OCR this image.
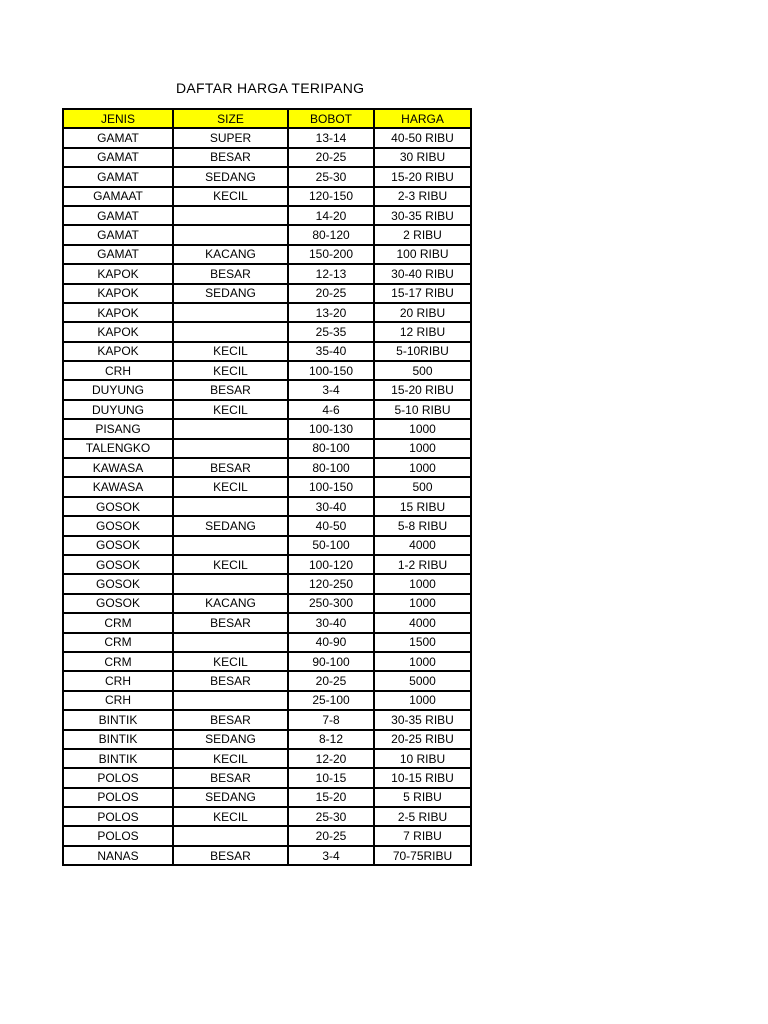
DAFTAR HARGA TERIPANG
JENIS	SIZE	BOBOT	HARGA
GAMAT	SUPER	13-14	40-50 RIBU
GAMAT	BESAR	20-25	30 RIBU
GAMAT	SEDANG	25-30	15-20 RIBU
GAMAAT	KECIL	120-150	2-3 RIBU
GAMAT		14-20	30-35 RIBU
GAMAT		80-120	2 RIBU
GAMAT	KACANG	150-200	100 RIBU
KAPOK	BESAR	12-13	30-40 RIBU
KAPOK	SEDANG	20-25	15-17 RIBU
KAPOK		13-20	20 RIBU
KAPOK		25-35	12 RIBU
KAPOK	KECIL	35-40	5-10RIBU
CRH	KECIL	100-150	500
DUYUNG	BESAR	3-4	15-20 RIBU
DUYUNG	KECIL	4-6	5-10 RIBU
PISANG		100-130	1000
TALENGKO		80-100	1000
KAWASA	BESAR	80-100	1000
KAWASA	KECIL	100-150	500
GOSOK		30-40	15 RIBU
GOSOK	SEDANG	40-50	5-8 RIBU
GOSOK		50-100	4000
GOSOK	KECIL	100-120	1-2 RIBU
GOSOK		120-250	1000
GOSOK	KACANG	250-300	1000
CRM	BESAR	30-40	4000
CRM		40-90	1500
CRM	KECIL	90-100	1000
CRH	BESAR	20-25	5000
CRH		25-100	1000
BINTIK	BESAR	7-8	30-35 RIBU
BINTIK	SEDANG	8-12	20-25 RIBU
BINTIK	KECIL	12-20	10 RIBU
POLOS	BESAR	10-15	10-15 RIBU
POLOS	SEDANG	15-20	5 RIBU
POLOS	KECIL	25-30	2-5 RIBU
POLOS		20-25	7 RIBU
NANAS	BESAR	3-4	70-75RIBU
